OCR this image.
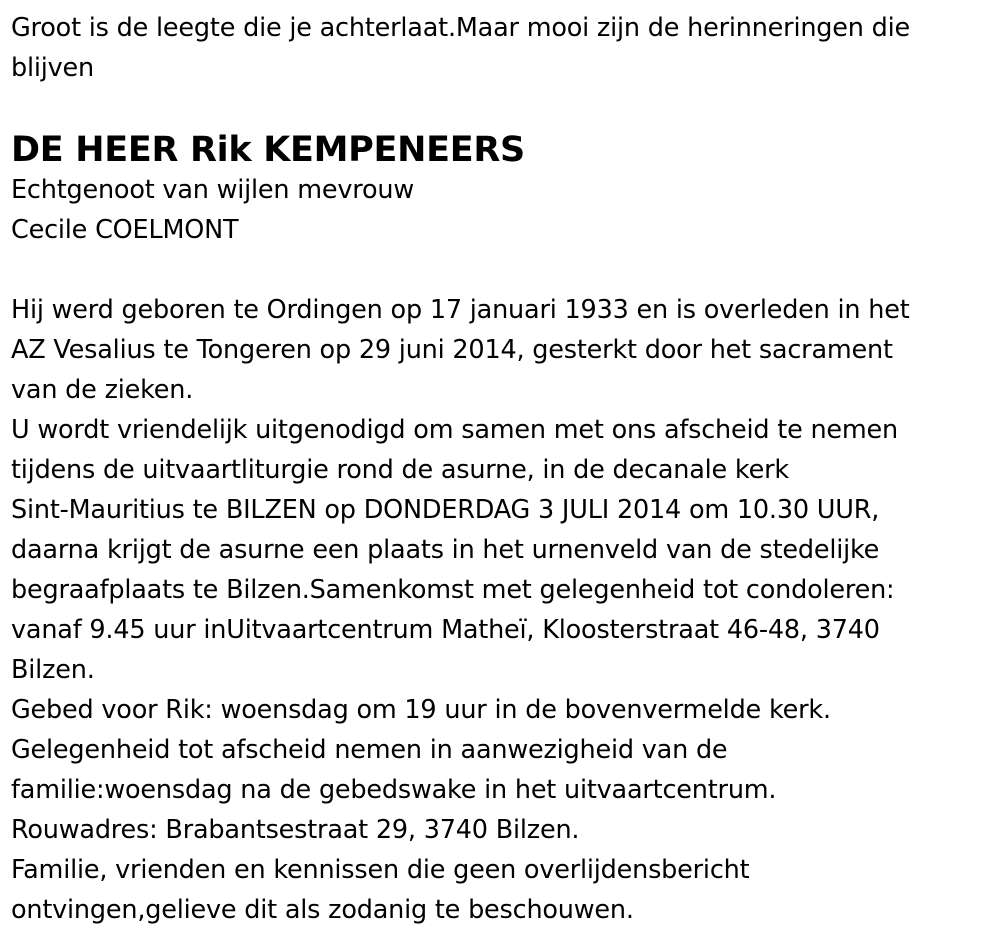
Groot is de leegte die je achterlaat.Maar mooi zijn de herinneringen die
blijven

DE HEER Rik KEMPENEERS

Echtgenoot van wijlen mevrouw
Cecile COELMONT

Hij werd geboren te Ordingen op 17 januari 1933 en is overleden in het
AZ Vesalius te Tongeren op 29 juni 2014, gesterkt door het sacrament
van de zieken.
U wordt vriendelijk uitgenodigd om samen met ons afscheid te nemen
tijdens de uitvaartliturgie rond de asurne, in de decanale kerk
Sint-Mauritius te BILZEN op DONDERDAG 3 JULI 2014 om 10.30 UUR,
daarna krijgt de asurne een plaats in het urnenveld van de stedelijke
begraafplaats te Bilzen.Samenkomst met gelegenheid tot condoleren:
vanaf 9.45 uur inUitvaartcentrum Matheï, Kloosterstraat 46-48, 3740
Bilzen.
Gebed voor Rik: woensdag om 19 uur in de bovenvermelde kerk.
Gelegenheid tot afscheid nemen in aanwezigheid van de
familie:woensdag na de gebedswake in het uitvaartcentrum.
Rouwadres: Brabantsestraat 29, 3740 Bilzen.
Familie, vrienden en kennissen die geen overlijdensbericht
ontvingen,gelieve dit als zodanig te beschouwen.
